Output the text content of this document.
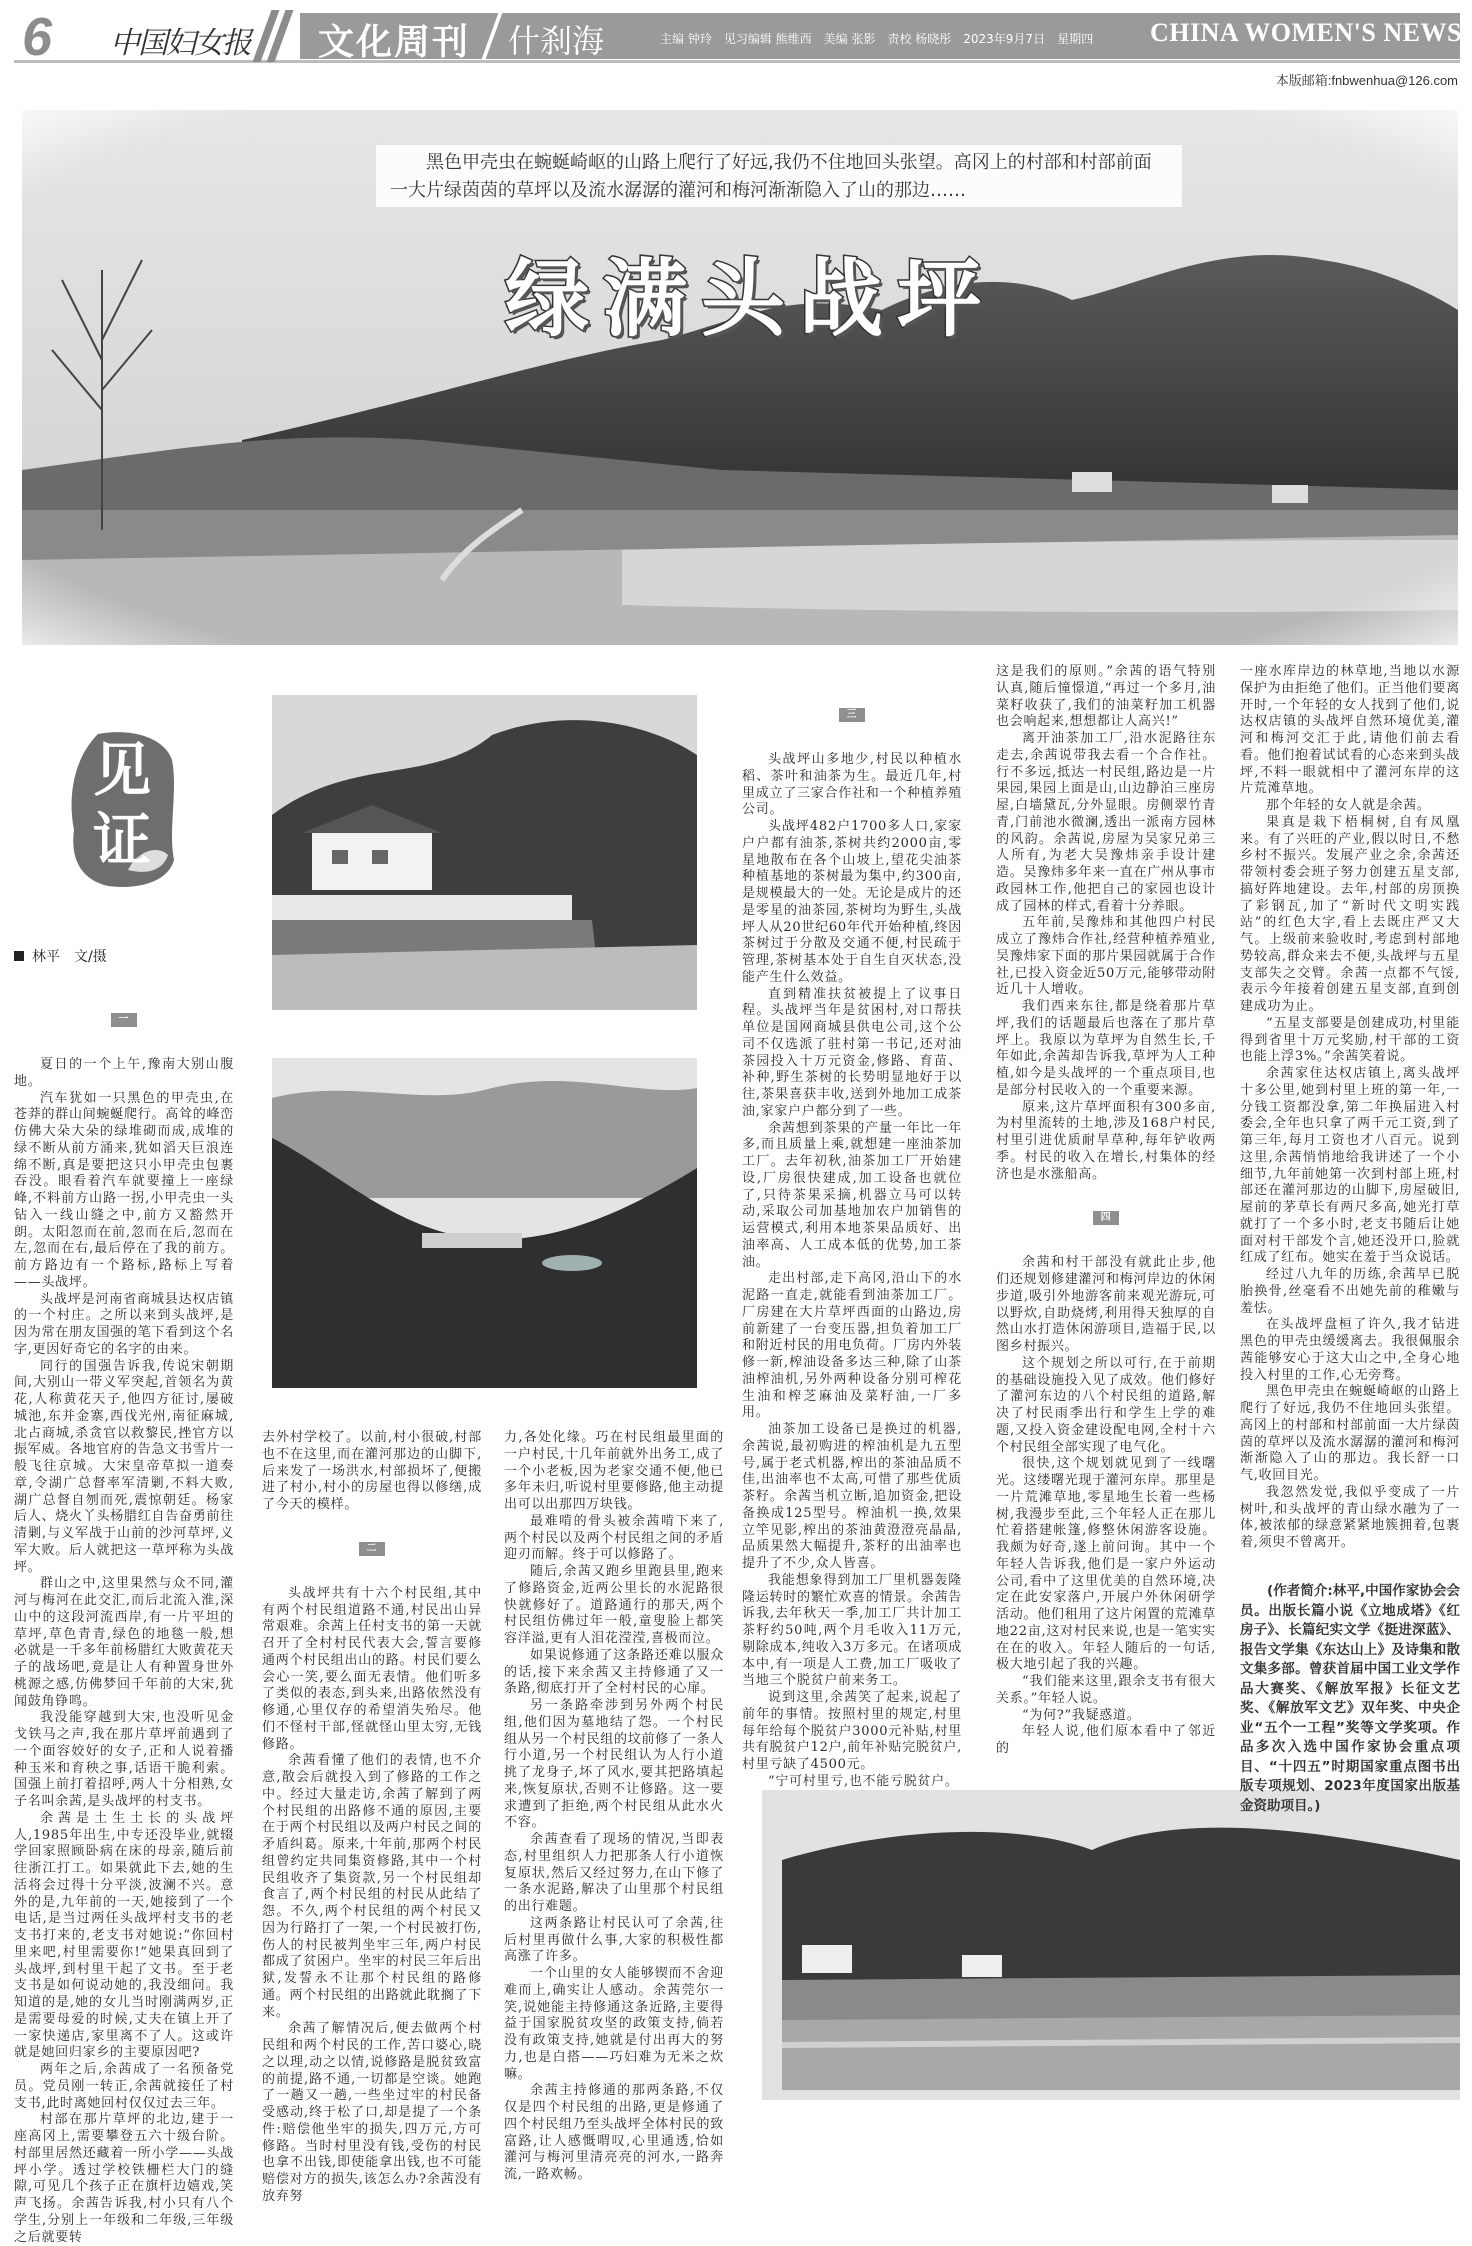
6 中国妇女报 文化周刊 什刹海	主编 钟玲　见习编辑 熊维西　美编 张影　责校 杨晓彤　2023年9月7日　星期四 CHINA WOMEN'S NEWS
本版邮箱:fnbwenhua@126.com
黑色甲壳虫在蜿蜒崎岖的山路上爬行了好远,我仍不住地回头张望。高冈上的村部和村部前面一大片绿茵茵的草坪以及流水潺潺的灌河和梅河渐渐隐入了山的那边……
绿满头战坪
见证
林平　文/摄
一

夏日的一个上午,豫南大别山腹地。

汽车犹如一只黑色的甲壳虫,在苍莽的群山间蜿蜒爬行。高耸的峰峦仿佛大朵大朵的绿堆砌而成,成堆的绿不断从前方涌来,犹如滔天巨浪连绵不断,真是要把这只小甲壳虫包裹吞没。眼看着汽车就要撞上一座绿峰,不料前方山路一拐,小甲壳虫一头钻入一线山缝之中,前方又豁然开朗。太阳忽而在前,忽而在后,忽而在左,忽而在右,最后停在了我的前方。前方路边有一个路标,路标上写着——头战坪。

头战坪是河南省商城县达权店镇的一个村庄。之所以来到头战坪,是因为常在朋友国强的笔下看到这个名字,更因好奇它的名字的由来。

同行的国强告诉我,传说宋朝期间,大别山一带义军突起,首领名为黄花,人称黄花天子,他四方征讨,屡破城池,东并金寨,西伐光州,南征麻城,北占商城,杀贪官以救黎民,挫官方以振军威。各地官府的告急文书雪片一般飞往京城。大宋皇帝草拟一道奏章,令湖广总督率军清剿,不料大败,湖广总督自刎而死,震惊朝廷。杨家后人、烧火丫头杨腊红自告奋勇前往清剿,与义军战于山前的沙河草坪,义军大败。后人就把这一草坪称为头战坪。

群山之中,这里果然与众不同,灌河与梅河在此交汇,而后北流入淮,深山中的这段河流西岸,有一片平坦的草坪,草色青青,绿色的地毯一般,想必就是一千多年前杨腊红大败黄花天子的战场吧,竟是让人有种置身世外桃源之感,仿佛梦回千年前的大宋,犹闻鼓角铮鸣。

我没能穿越到大宋,也没听见金戈铁马之声,我在那片草坪前遇到了一个面容姣好的女子,正和人说着播种玉米和育秧之事,话语干脆利索。国强上前打着招呼,两人十分相熟,女子名叫余茜,是头战坪的村支书。

余茜是土生土长的头战坪人,1985年出生,中专还没毕业,就辍学回家照顾卧病在床的母亲,随后前往浙江打工。如果就此下去,她的生活将会过得十分平淡,波澜不兴。意外的是,九年前的一天,她接到了一个电话,是当过两任头战坪村支书的老支书打来的,老支书对她说:“你回村里来吧,村里需要你!”她果真回到了头战坪,到村里干起了文书。至于老支书是如何说动她的,我没细问。我知道的是,她的女儿当时刚满两岁,正是需要母爱的时候,丈夫在镇上开了一家快递店,家里离不了人。这或许就是她回归家乡的主要原因吧?

两年之后,余茜成了一名预备党员。党员刚一转正,余茜就接任了村支书,此时离她回村仅仅过去三年。

村部在那片草坪的北边,建于一座高冈上,需要攀登五六十级台阶。村部里居然还藏着一所小学——头战坪小学。透过学校铁栅栏大门的缝隙,可见几个孩子正在旗杆边嬉戏,笑声飞扬。余茜告诉我,村小只有八个学生,分别上一年级和二年级,三年级之后就要转

去外村学校了。以前,村小很破,村部也不在这里,而在灌河那边的山脚下,后来发了一场洪水,村部损坏了,便搬进了村小,村小的房屋也得以修缮,成了今天的模样。

二

头战坪共有十六个村民组,其中有两个村民组道路不通,村民出山异常艰难。余茜上任村支书的第一天就召开了全村村民代表大会,誓言要修通两个村民组出山的路。村民们要么会心一笑,要么面无表情。他们听多了类似的表态,到头来,出路依然没有修通,心里仅存的希望消失殆尽。他们不怪村干部,怪就怪山里太穷,无钱修路。

余茜看懂了他们的表情,也不介意,散会后就投入到了修路的工作之中。经过大量走访,余茜了解到了两个村民组的出路修不通的原因,主要在于两个村民组以及两户村民之间的矛盾纠葛。原来,十年前,那两个村民组曾约定共同集资修路,其中一个村民组收齐了集资款,另一个村民组却食言了,两个村民组的村民从此结了怨。不久,两个村民组的两个村民又因为行路打了一架,一个村民被打伤,伤人的村民被判坐牢三年,两户村民都成了贫困户。坐牢的村民三年后出狱,发誓永不让那个村民组的路修通。两个村民组的出路就此耽搁了下来。

余茜了解情况后,便去做两个村民组和两个村民的工作,苦口婆心,晓之以理,动之以情,说修路是脱贫致富的前提,路不通,一切都是空谈。她跑了一趟又一趟,一些坐过牢的村民备受感动,终于松了口,却是提了一个条件:赔偿他坐牢的损失,四万元,方可修路。当时村里没有钱,受伤的村民也拿不出钱,即使能拿出钱,也不可能赔偿对方的损失,该怎么办?余茜没有放弃努

力,各处化缘。巧在村民组最里面的一户村民,十几年前就外出务工,成了一个小老板,因为老家交通不便,他已多年未归,听说村里要修路,他主动提出可以出那四万块钱。

最难啃的骨头被余茜啃下来了,两个村民以及两个村民组之间的矛盾迎刃而解。终于可以修路了。

随后,余茜又跑乡里跑县里,跑来了修路资金,近两公里长的水泥路很快就修好了。道路通行的那天,两个村民组仿佛过年一般,童叟脸上都笑容洋溢,更有人泪花滢滢,喜极而泣。

如果说修通了这条路还难以服众的话,接下来余茜又主持修通了又一条路,彻底打开了全村村民的心扉。

另一条路牵涉到另外两个村民组,他们因为墓地结了怨。一个村民组从另一个村民组的坟前修了一条人行小道,另一个村民组认为人行小道挑了龙身子,坏了风水,要其把路填起来,恢复原状,否则不让修路。这一要求遭到了拒绝,两个村民组从此水火不容。

余茜查看了现场的情况,当即表态,村里组织人力把那条人行小道恢复原状,然后又经过努力,在山下修了一条水泥路,解决了山里那个村民组的出行难题。

这两条路让村民认可了余茜,往后村里再做什么事,大家的积极性都高涨了许多。

一个山里的女人能够锲而不舍迎难而上,确实让人感动。余茜莞尔一笑,说她能主持修通这条近路,主要得益于国家脱贫攻坚的政策支持,倘若没有政策支持,她就是付出再大的努力,也是白搭——巧妇难为无米之炊嘛。

余茜主持修通的那两条路,不仅仅是四个村民组的出路,更是修通了四个村民组乃至头战坪全体村民的致富路,让人感慨喟叹,心里通透,恰如灌河与梅河里清亮亮的河水,一路奔流,一路欢畅。

三

头战坪山多地少,村民以种植水稻、茶叶和油茶为生。最近几年,村里成立了三家合作社和一个种植养殖公司。

头战坪482户1700多人口,家家户户都有油茶,茶树共约2000亩,零星地散布在各个山坡上,望花尖油茶种植基地的茶树最为集中,约300亩,是规模最大的一处。无论是成片的还是零星的油茶园,茶树均为野生,头战坪人从20世纪60年代开始种植,终因茶树过于分散及交通不便,村民疏于管理,茶树基本处于自生自灭状态,没能产生什么效益。

直到精准扶贫被提上了议事日程。头战坪当年是贫困村,对口帮扶单位是国网商城县供电公司,这个公司不仅选派了驻村第一书记,还对油茶园投入十万元资金,修路、育苗、补种,野生茶树的长势明显地好于以往,茶果喜获丰收,送到外地加工成茶油,家家户户都分到了一些。

余茜想到茶果的产量一年比一年多,而且质量上乘,就想建一座油茶加工厂。去年初秋,油茶加工厂开始建设,厂房很快建成,加工设备也就位了,只待茶果采摘,机器立马可以转动,采取公司加基地加农户加销售的运营模式,利用本地茶果品质好、出油率高、人工成本低的优势,加工茶油。

走出村部,走下高冈,沿山下的水泥路一直走,就能看到油茶加工厂。厂房建在大片草坪西面的山路边,房前新建了一台变压器,担负着加工厂和附近村民的用电负荷。厂房内外装修一新,榨油设备多达三种,除了山茶油榨油机,另外两种设备分别可榨花生油和榨芝麻油及菜籽油,一厂多用。

油茶加工设备已是换过的机器,余茜说,最初购进的榨油机是九五型号,属于老式机器,榨出的茶油品质不佳,出油率也不太高,可惜了那些优质茶籽。余茜当机立断,追加资金,把设备换成125型号。榨油机一换,效果立竿见影,榨出的茶油黄澄澄亮晶晶,品质果然大幅提升,茶籽的出油率也提升了不少,众人皆喜。

我能想象得到加工厂里机器轰隆隆运转时的繁忙欢喜的情景。余茜告诉我,去年秋天一季,加工厂共计加工茶籽约50吨,两个月毛收入11万元,剔除成本,纯收入3万多元。在诸项成本中,有一项是人工费,加工厂吸收了当地三个脱贫户前来务工。

说到这里,余茜笑了起来,说起了前年的事情。按照村里的规定,村里每年给每个脱贫户3000元补贴,村里共有脱贫户12户,前年补贴完脱贫户,村里亏缺了4500元。

“宁可村里亏,也不能亏脱贫户。

这是我们的原则。”余茜的语气特别认真,随后憧憬道,“再过一个多月,油菜籽收获了,我们的油菜籽加工机器也会响起来,想想都让人高兴!”

离开油茶加工厂,沿水泥路往东走去,余茜说带我去看一个合作社。行不多远,抵达一村民组,路边是一片果园,果园上面是山,山边静泊三座房屋,白墙黛瓦,分外显眼。房侧翠竹青青,门前池水微澜,透出一派南方园林的风韵。余茜说,房屋为吴家兄弟三人所有,为老大吴豫炜亲手设计建造。吴豫炜多年来一直在广州从事市政园林工作,他把自己的家园也设计成了园林的样式,看着十分养眼。

五年前,吴豫炜和其他四户村民成立了豫炜合作社,经营种植养殖业,吴豫炜家下面的那片果园就属于合作社,已投入资金近50万元,能够带动附近几十人增收。

我们西来东往,都是绕着那片草坪,我们的话题最后也落在了那片草坪上。我原以为草坪为自然生长,千年如此,余茜却告诉我,草坪为人工种植,如今是头战坪的一个重点项目,也是部分村民收入的一个重要来源。

原来,这片草坪面积有300多亩,为村里流转的土地,涉及168户村民,村里引进优质耐旱草种,每年铲收两季。村民的收入在增长,村集体的经济也是水涨船高。

四

余茜和村干部没有就此止步,他们还规划修建灌河和梅河岸边的休闲步道,吸引外地游客前来观光游玩,可以野炊,自助烧烤,利用得天独厚的自然山水打造休闲游项目,造福于民,以图乡村振兴。

这个规划之所以可行,在于前期的基础设施投入见了成效。他们修好了灌河东边的八个村民组的道路,解决了村民雨季出行和学生上学的难题,又投入资金建设配电网,全村十六个村民组全部实现了电气化。

很快,这个规划就见到了一线曙光。这缕曙光现于灌河东岸。那里是一片荒滩草地,零星地生长着一些杨树,我漫步至此,三个年轻人正在那儿忙着搭建帐篷,修整休闲游客设施。我颇为好奇,遂上前问询。其中一个年轻人告诉我,他们是一家户外运动公司,看中了这里优美的自然环境,决定在此安家落户,开展户外休闲研学活动。他们租用了这片闲置的荒滩草地22亩,这对村民来说,也是一笔实实在在的收入。年轻人随后的一句话,极大地引起了我的兴趣。

“我们能来这里,跟余支书有很大关系。”年轻人说。

“为何?”我疑惑道。

年轻人说,他们原本看中了邻近的

一座水库岸边的林草地,当地以水源保护为由拒绝了他们。正当他们要离开时,一个年轻的女人找到了他们,说达权店镇的头战坪自然环境优美,灌河和梅河交汇于此,请他们前去看看。他们抱着试试看的心态来到头战坪,不料一眼就相中了灌河东岸的这片荒滩草地。

那个年轻的女人就是余茜。

果真是栽下梧桐树,自有凤凰来。有了兴旺的产业,假以时日,不愁乡村不振兴。发展产业之余,余茜还带领村委会班子努力创建五星支部,搞好阵地建设。去年,村部的房顶换了彩钢瓦,加了“新时代文明实践站”的红色大字,看上去既庄严又大气。上级前来验收时,考虑到村部地势较高,群众来去不便,头战坪与五星支部失之交臂。余茜一点都不气馁,表示今年接着创建五星支部,直到创建成功为止。

“五星支部要是创建成功,村里能得到省里十万元奖励,村干部的工资也能上浮3%。”余茜笑着说。

余茜家住达权店镇上,离头战坪十多公里,她到村里上班的第一年,一分钱工资都没拿,第二年换届进入村委会,全年也只拿了两千元工资,到了第三年,每月工资也才八百元。说到这里,余茜悄悄地给我讲述了一个小细节,九年前她第一次到村部上班,村部还在灌河那边的山脚下,房屋破旧,屋前的茅草长有两尺多高,她光打草就打了一个多小时,老支书随后让她面对村干部发个言,她还没开口,脸就红成了红布。她实在羞于当众说话。

经过八九年的历练,余茜早已脱胎换骨,丝毫看不出她先前的稚嫩与羞怯。

在头战坪盘桓了许久,我才钻进黑色的甲壳虫缓缓离去。我很佩服余茜能够安心于这大山之中,全身心地投入村里的工作,心无旁骛。

黑色甲壳虫在蜿蜒崎岖的山路上爬行了好远,我仍不住地回头张望。高冈上的村部和村部前面一大片绿茵茵的草坪以及流水潺潺的灌河和梅河渐渐隐入了山的那边。我长舒一口气,收回目光。

我忽然发觉,我似乎变成了一片树叶,和头战坪的青山绿水融为了一体,被浓郁的绿意紧紧地簇拥着,包裹着,须臾不曾离开。

(作者简介:林平,中国作家协会会员。出版长篇小说《立地成塔》《红房子》、长篇纪实文学《挺进深蓝》、报告文学集《东达山上》及诗集和散文集多部。曾获首届中国工业文学作品大赛奖、《解放军报》长征文艺奖、《解放军文艺》双年奖、中央企业“五个一工程”奖等文学奖项。作品多次入选中国作家协会重点项目、“十四五”时期国家重点图书出版专项规划、2023年度国家出版基金资助项目。)
